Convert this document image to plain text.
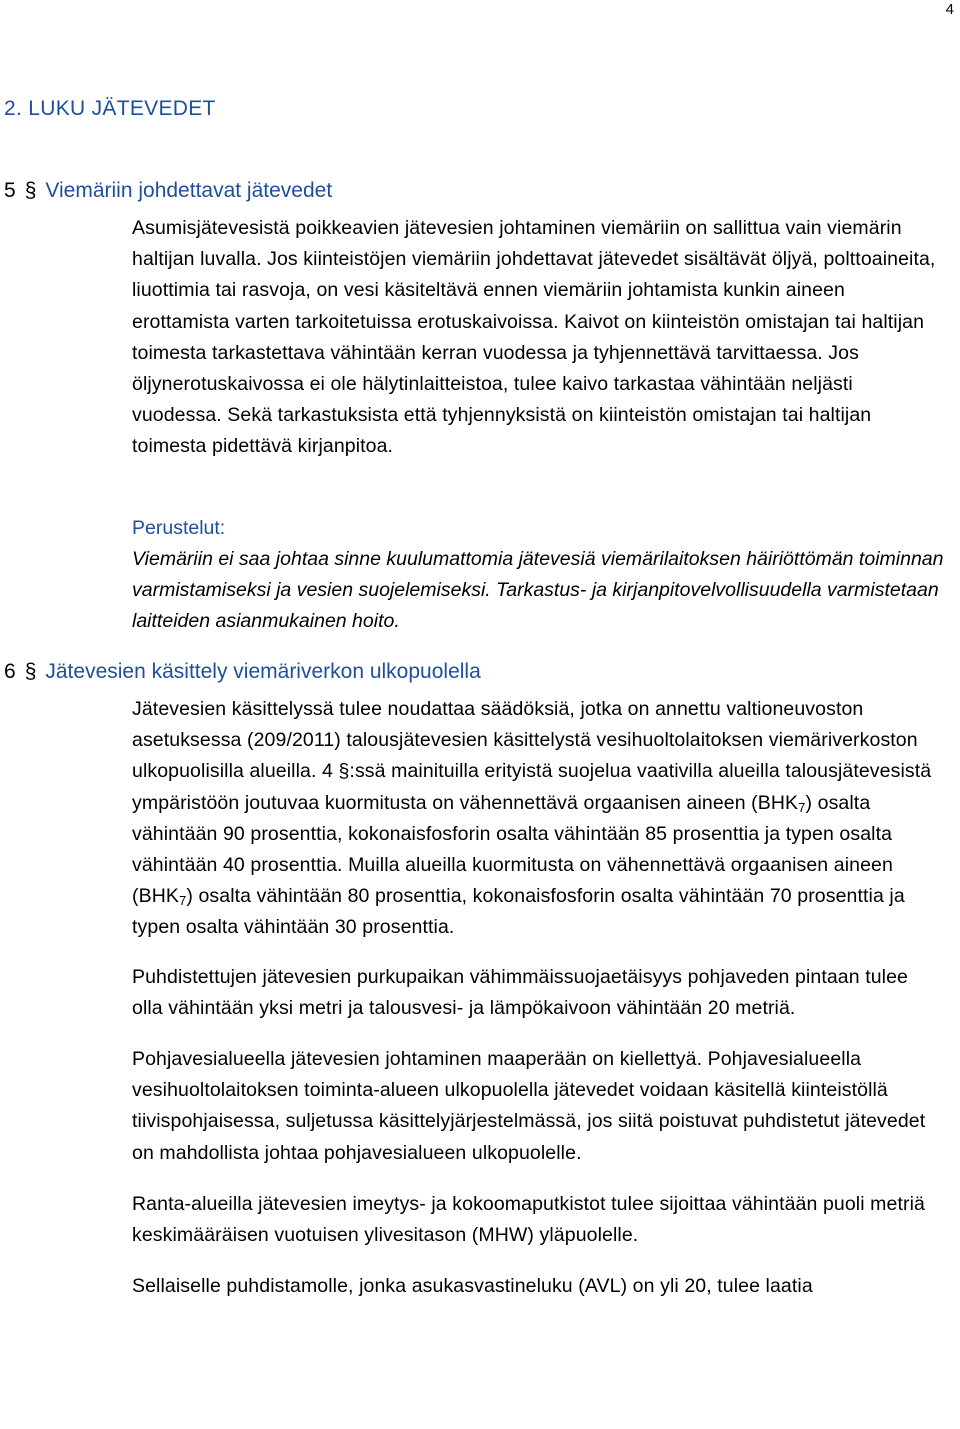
4
2. LUKU JÄTEVEDET
5 § Viemäriin johdettavat jätevedet

Asumisjätevesistä poikkeavien jätevesien johtaminen viemäriin on sallittua vain viemärin haltijan luvalla. Jos kiinteistöjen viemäriin johdettavat jätevedet sisältävät öljyä, polttoaineita, liuottimia tai rasvoja, on vesi käsiteltävä ennen viemäriin johtamista kunkin aineen erottamista varten tarkoitetuissa erotuskaivoissa. Kaivot on kiinteistön omistajan tai haltijan toimesta tarkastettava vähintään kerran vuodessa ja tyhjennettävä tarvittaessa. Jos öljynerotuskaivossa ei ole hälytinlaitteistoa, tulee kaivo tarkastaa vähintään neljästi vuodessa. Sekä tarkastuksista että tyhjennyksistä on kiinteistön omistajan tai haltijan toimesta pidettävä kirjanpitoa.

Perustelut:
Viemäriin ei saa johtaa sinne kuulumattomia jätevesiä viemärilaitoksen häiriöttömän toiminnan varmistamiseksi ja vesien suojelemiseksi. Tarkastus- ja kirjanpitovelvollisuudella varmistetaan laitteiden asianmukainen hoito.
6 § Jätevesien käsittely viemäriverkon ulkopuolella

Jätevesien käsittelyssä tulee noudattaa säädöksiä, jotka on annettu valtioneuvoston asetuksessa (209/2011) talousjätevesien käsittelystä vesihuoltolaitoksen viemäriverkoston ulkopuolisilla alueilla. 4 §:ssä mainituilla erityistä suojelua vaativilla alueilla talousjätevesistä ympäristöön joutuvaa kuormitusta on vähennettävä orgaanisen aineen $(BHK_7)$ osalta vähintään 90 prosenttia, kokonaisfosforin osalta vähintään 85 prosenttia ja typen osalta vähintään 40 prosenttia. Muilla alueilla kuormitusta on vähennettävä orgaanisen aineen $(BHK_7)$ osalta vähintään 80 prosenttia, kokonaisfosforin osalta vähintään 70 prosenttia ja typen osalta vähintään 30 prosenttia.

Puhdistettujen jätevesien purkupaikan vähimmäissuojaetäisyys pohjaveden pintaan tulee olla vähintään yksi metri ja talousvesi- ja lämpökaivoon vähintään 20 metriä.

Pohjavesialueella jätevesien johtaminen maaperään on kiellettyä. Pohjavesialueella vesihuoltolaitoksen toiminta-alueen ulkopuolella jätevedet voidaan käsitellä kiinteistöllä tiivispohjaisessa, suljetussa käsittelyjärjestelmässä, jos siitä poistuvat puhdistetut jätevedet on mahdollista johtaa pohjavesialueen ulkopuolelle.

Ranta-alueilla jätevesien imeytys- ja kokoomaputkistot tulee sijoittaa vähintään puoli metriä keskimääräisen vuotuisen ylivesitason (MHW) yläpuolelle.

Sellaiselle puhdistamolle, jonka asukasvastineluku (AVL) on yli 20, tulee laatia
